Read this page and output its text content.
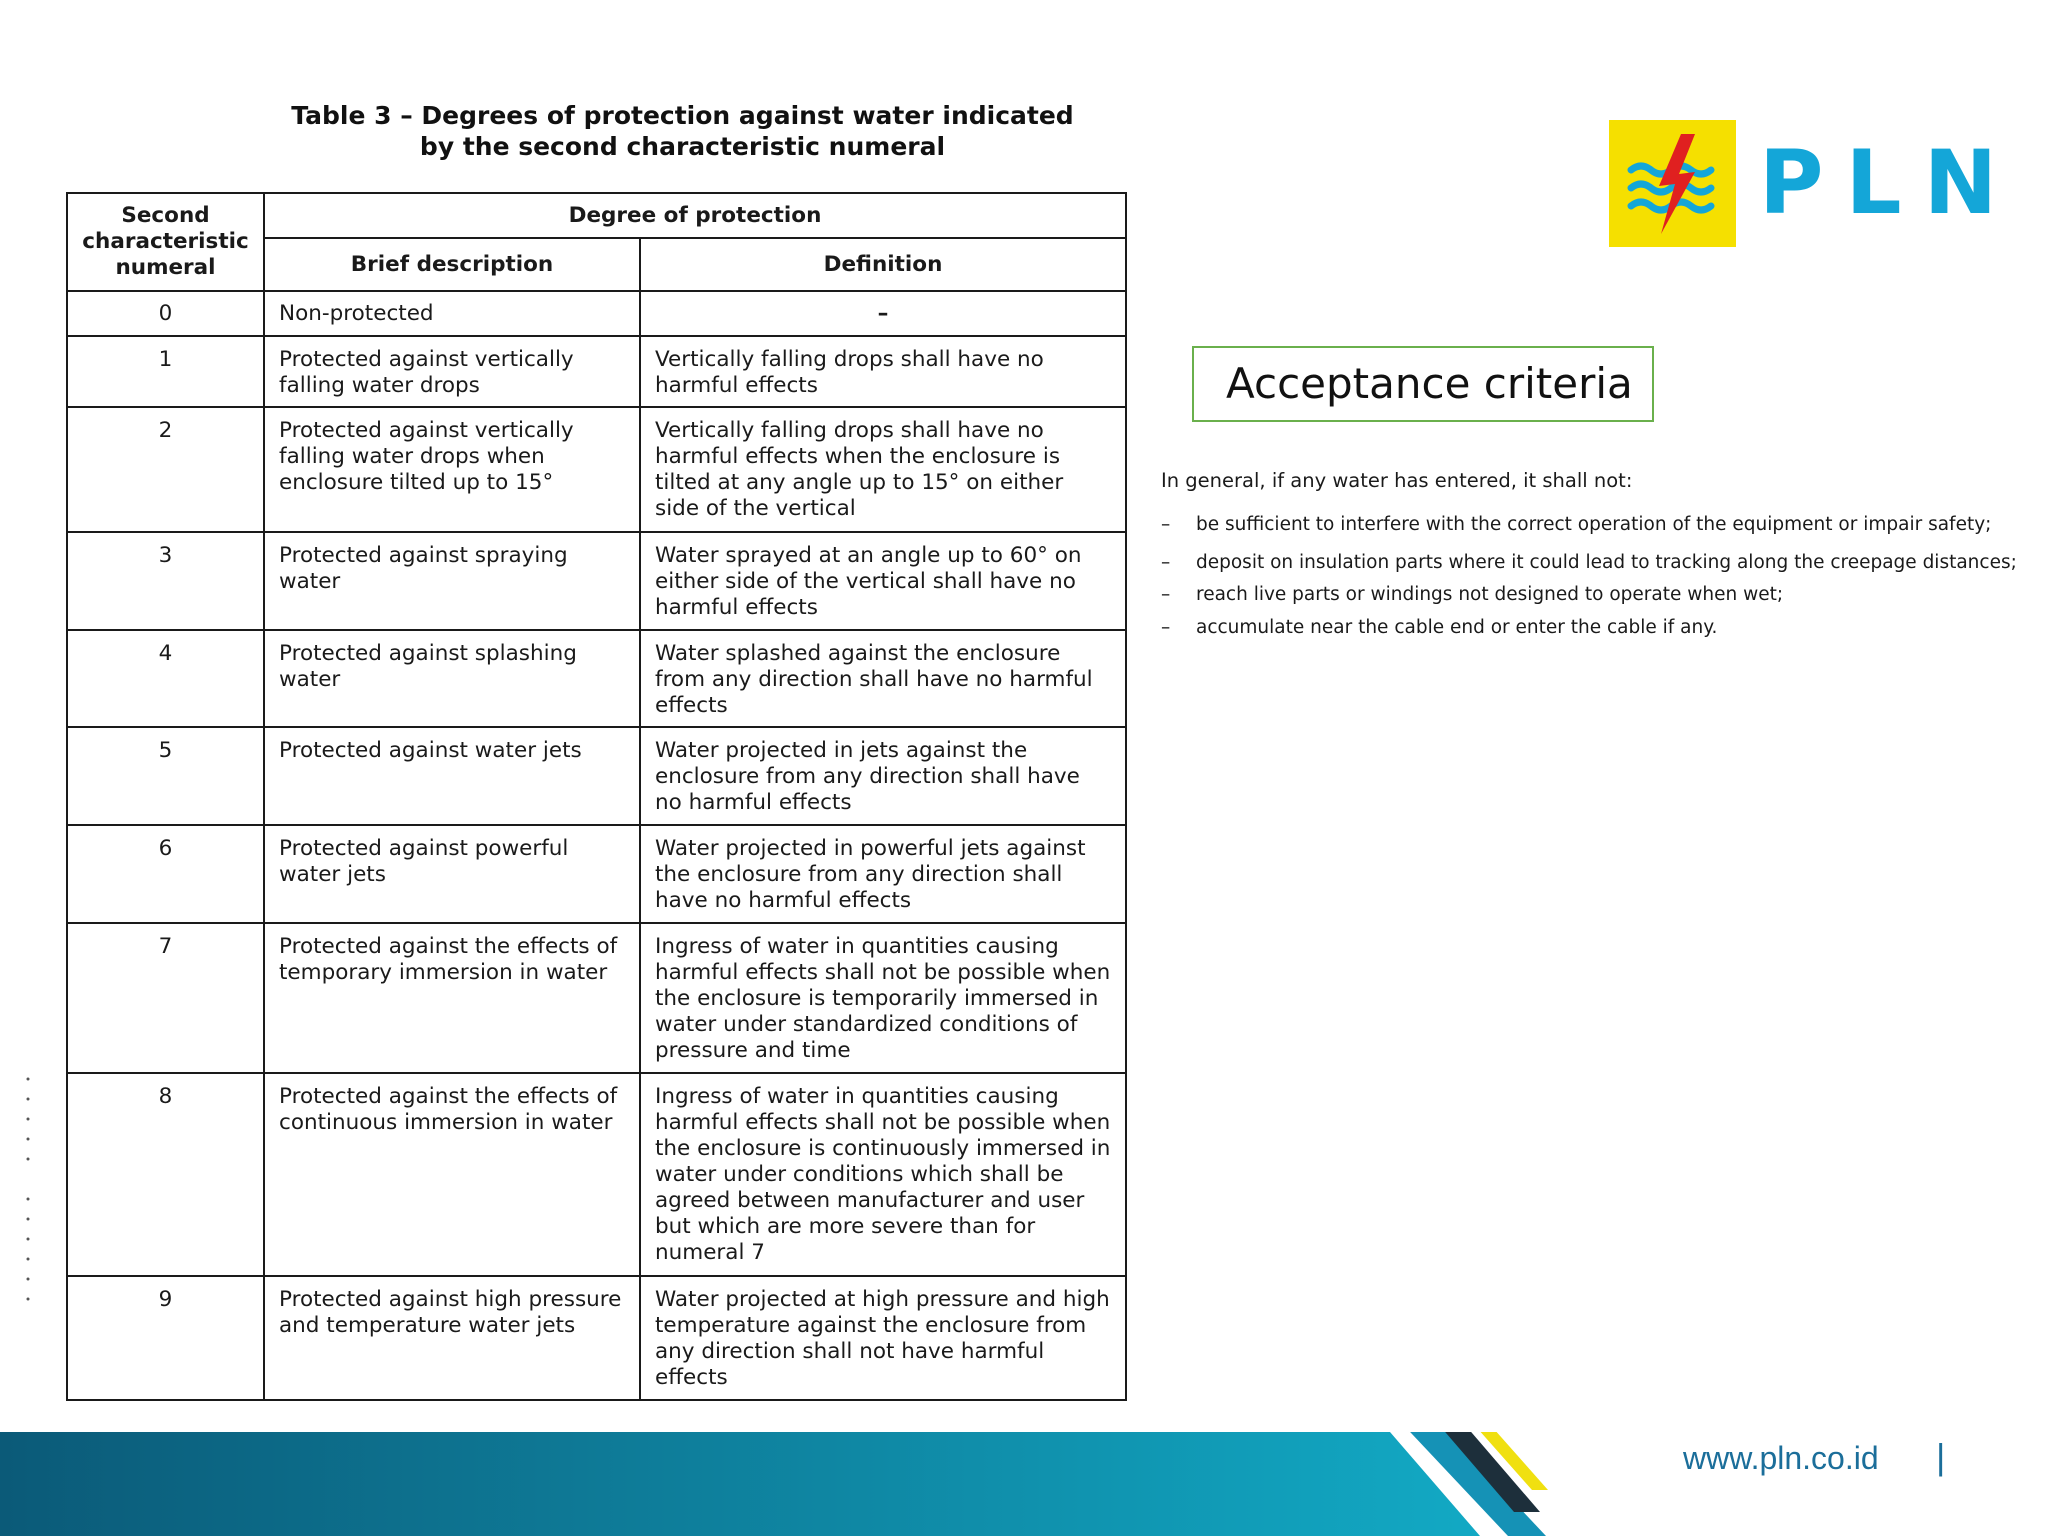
Table 3 – Degrees of protection against water indicated
by the second characteristic numeral
Second characteristic numeral	Degree of protection	
	Brief description	Definition
0	Non-protected	–
1	Protected against vertically falling water drops	Vertically falling drops shall have no harmful effects
2	Protected against vertically falling water drops when enclosure tilted up to 15°	Vertically falling drops shall have no harmful effects when the enclosure is tilted at any angle up to 15° on either side of the vertical
3	Protected against spraying water	Water sprayed at an angle up to 60° on either side of the vertical shall have no harmful effects
4	Protected against splashing water	Water splashed against the enclosure from any direction shall have no harmful effects
5	Protected against water jets	Water projected in jets against the enclosure from any direction shall have no harmful effects
6	Protected against powerful water jets	Water projected in powerful jets against the enclosure from any direction shall have no harmful effects
7	Protected against the effects of temporary immersion in water	Ingress of water in quantities causing harmful effects shall not be possible when the enclosure is temporarily immersed in water under standardized conditions of pressure and time
8	Protected against the effects of continuous immersion in water	Ingress of water in quantities causing harmful effects shall not be possible when the enclosure is continuously immersed in water under conditions which shall be agreed between manufacturer and user but which are more severe than for numeral 7
9	Protected against high pressure and temperature water jets	Water projected at high pressure and high temperature against the enclosure from any direction shall not have harmful effects
PLN
Acceptance criteria
In general, if any water has entered, it shall not:
– be sufficient to interfere with the correct operation of the equipment or impair safety;
– deposit on insulation parts where it could lead to tracking along the creepage distances;
– reach live parts or windings not designed to operate when wet;
– accumulate near the cable end or enter the cable if any.
www.pln.co.id |
